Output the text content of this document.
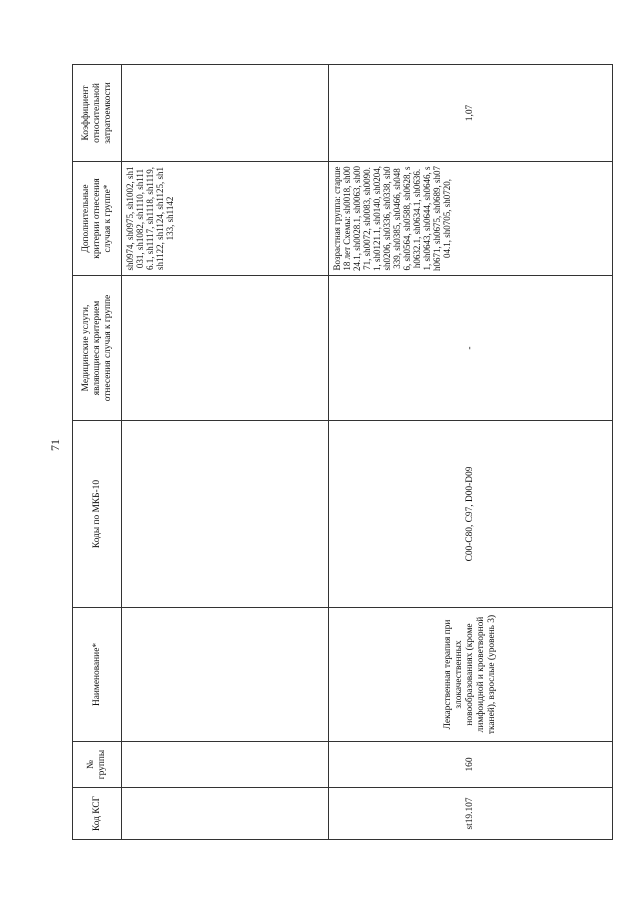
71
Код КСГ	№ группы	Наименование*	Коды по МКБ-10	Медицинские услуги, являющиеся критерием отнесения случая к группе	Дополнительные критерии отнесения случая к группе*	Коэффициент относительной затратоемкости

					sh0974, sh0975, sh1002, sh1031, sh1082, sh1110, sh1116.1, sh1117, sh1118, sh1119, sh1122, sh1124, sh1125, sh1133, sh1142	

st19.107	160	Лекарственная терапия при злокачественных новообразованиях (кроме лимфоидной и кроветворной тканей), взрослые (уровень 3)	C00-C80, C97, D00-D09	-	Возрастная группа: старше 18 лет Схемы: sh0018, sh0024.1, sh0028.1, sh0063, sh0071, sh0072, sh0083, sh0090.1, sh0121.1, sh0140, sh0204, sh0206, sh0336, sh0338, sh0339, sh0385, sh0466, sh0486, sh0564, sh0588, sh0628, sh0632.1, sh0634.1, sh0636.1, sh0643, sh0644, sh0646, sh0671, sh0675, sh0689, sh0704.1, sh0705, sh0720,	1,07
